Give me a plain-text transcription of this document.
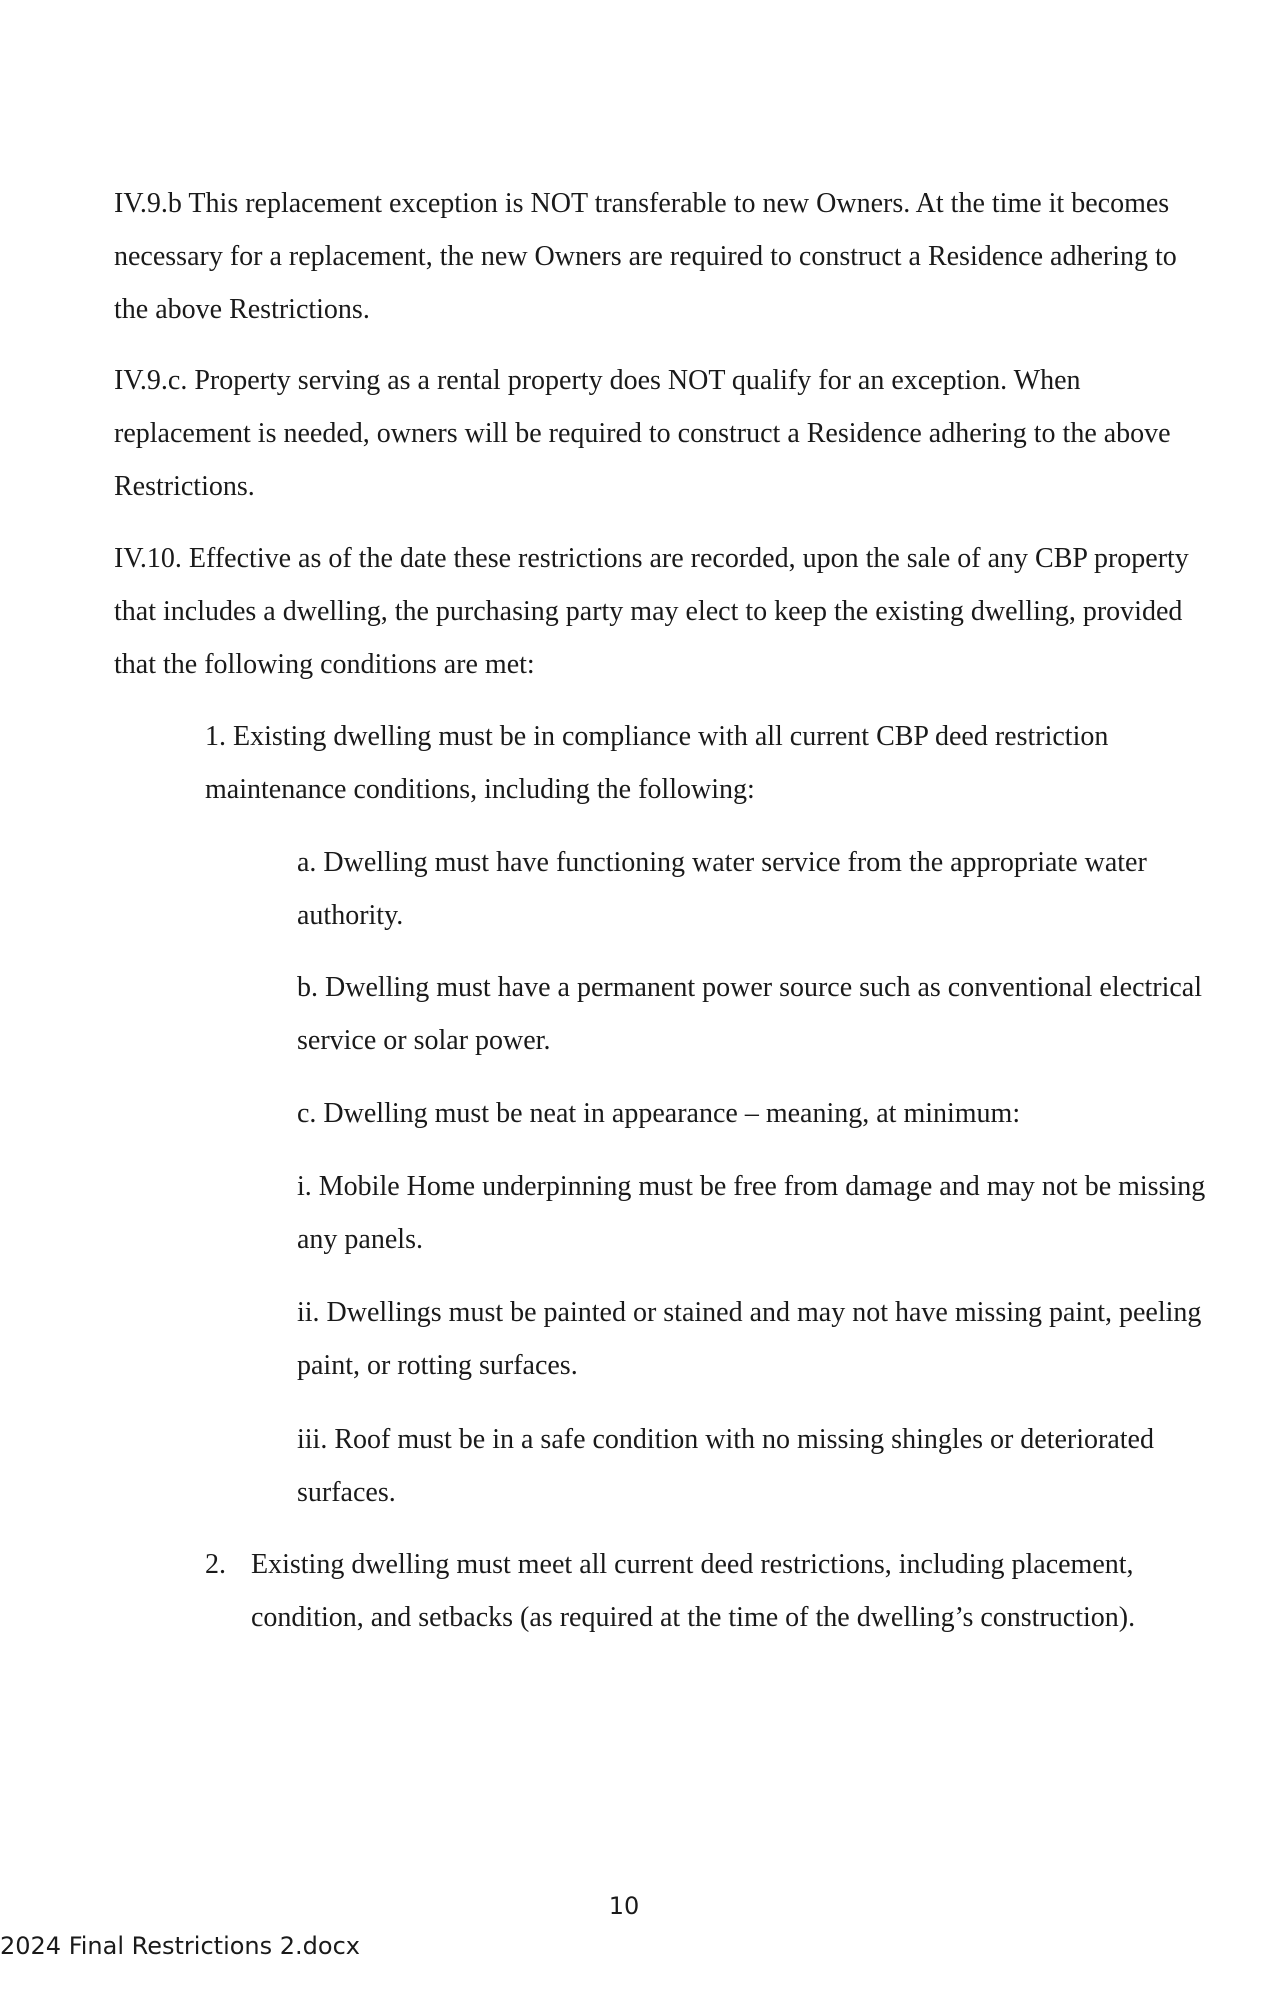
IV.9.b This replacement exception is NOT transferable to new Owners. At the time it becomes necessary for a replacement, the new Owners are required to construct a Residence adhering to the above Restrictions.

IV.9.c. Property serving as a rental property does NOT qualify for an exception. When replacement is needed, owners will be required to construct a Residence adhering to the above Restrictions.

IV.10. Effective as of the date these restrictions are recorded, upon the sale of any CBP property that includes a dwelling, the purchasing party may elect to keep the existing dwelling, provided that the following conditions are met:

1. Existing dwelling must be in compliance with all current CBP deed restriction maintenance conditions, including the following:

a. Dwelling must have functioning water service from the appropriate water authority.

b. Dwelling must have a permanent power source such as conventional electrical service or solar power.

c. Dwelling must be neat in appearance – meaning, at minimum:

i. Mobile Home underpinning must be free from damage and may not be missing any panels.

ii. Dwellings must be painted or stained and may not have missing paint, peeling paint, or rotting surfaces.

iii. Roof must be in a safe condition with no missing shingles or deteriorated surfaces.

2. Existing dwelling must meet all current deed restrictions, including placement, condition, and setbacks (as required at the time of the dwelling’s construction).

10
2024 Final Restrictions 2.docx
